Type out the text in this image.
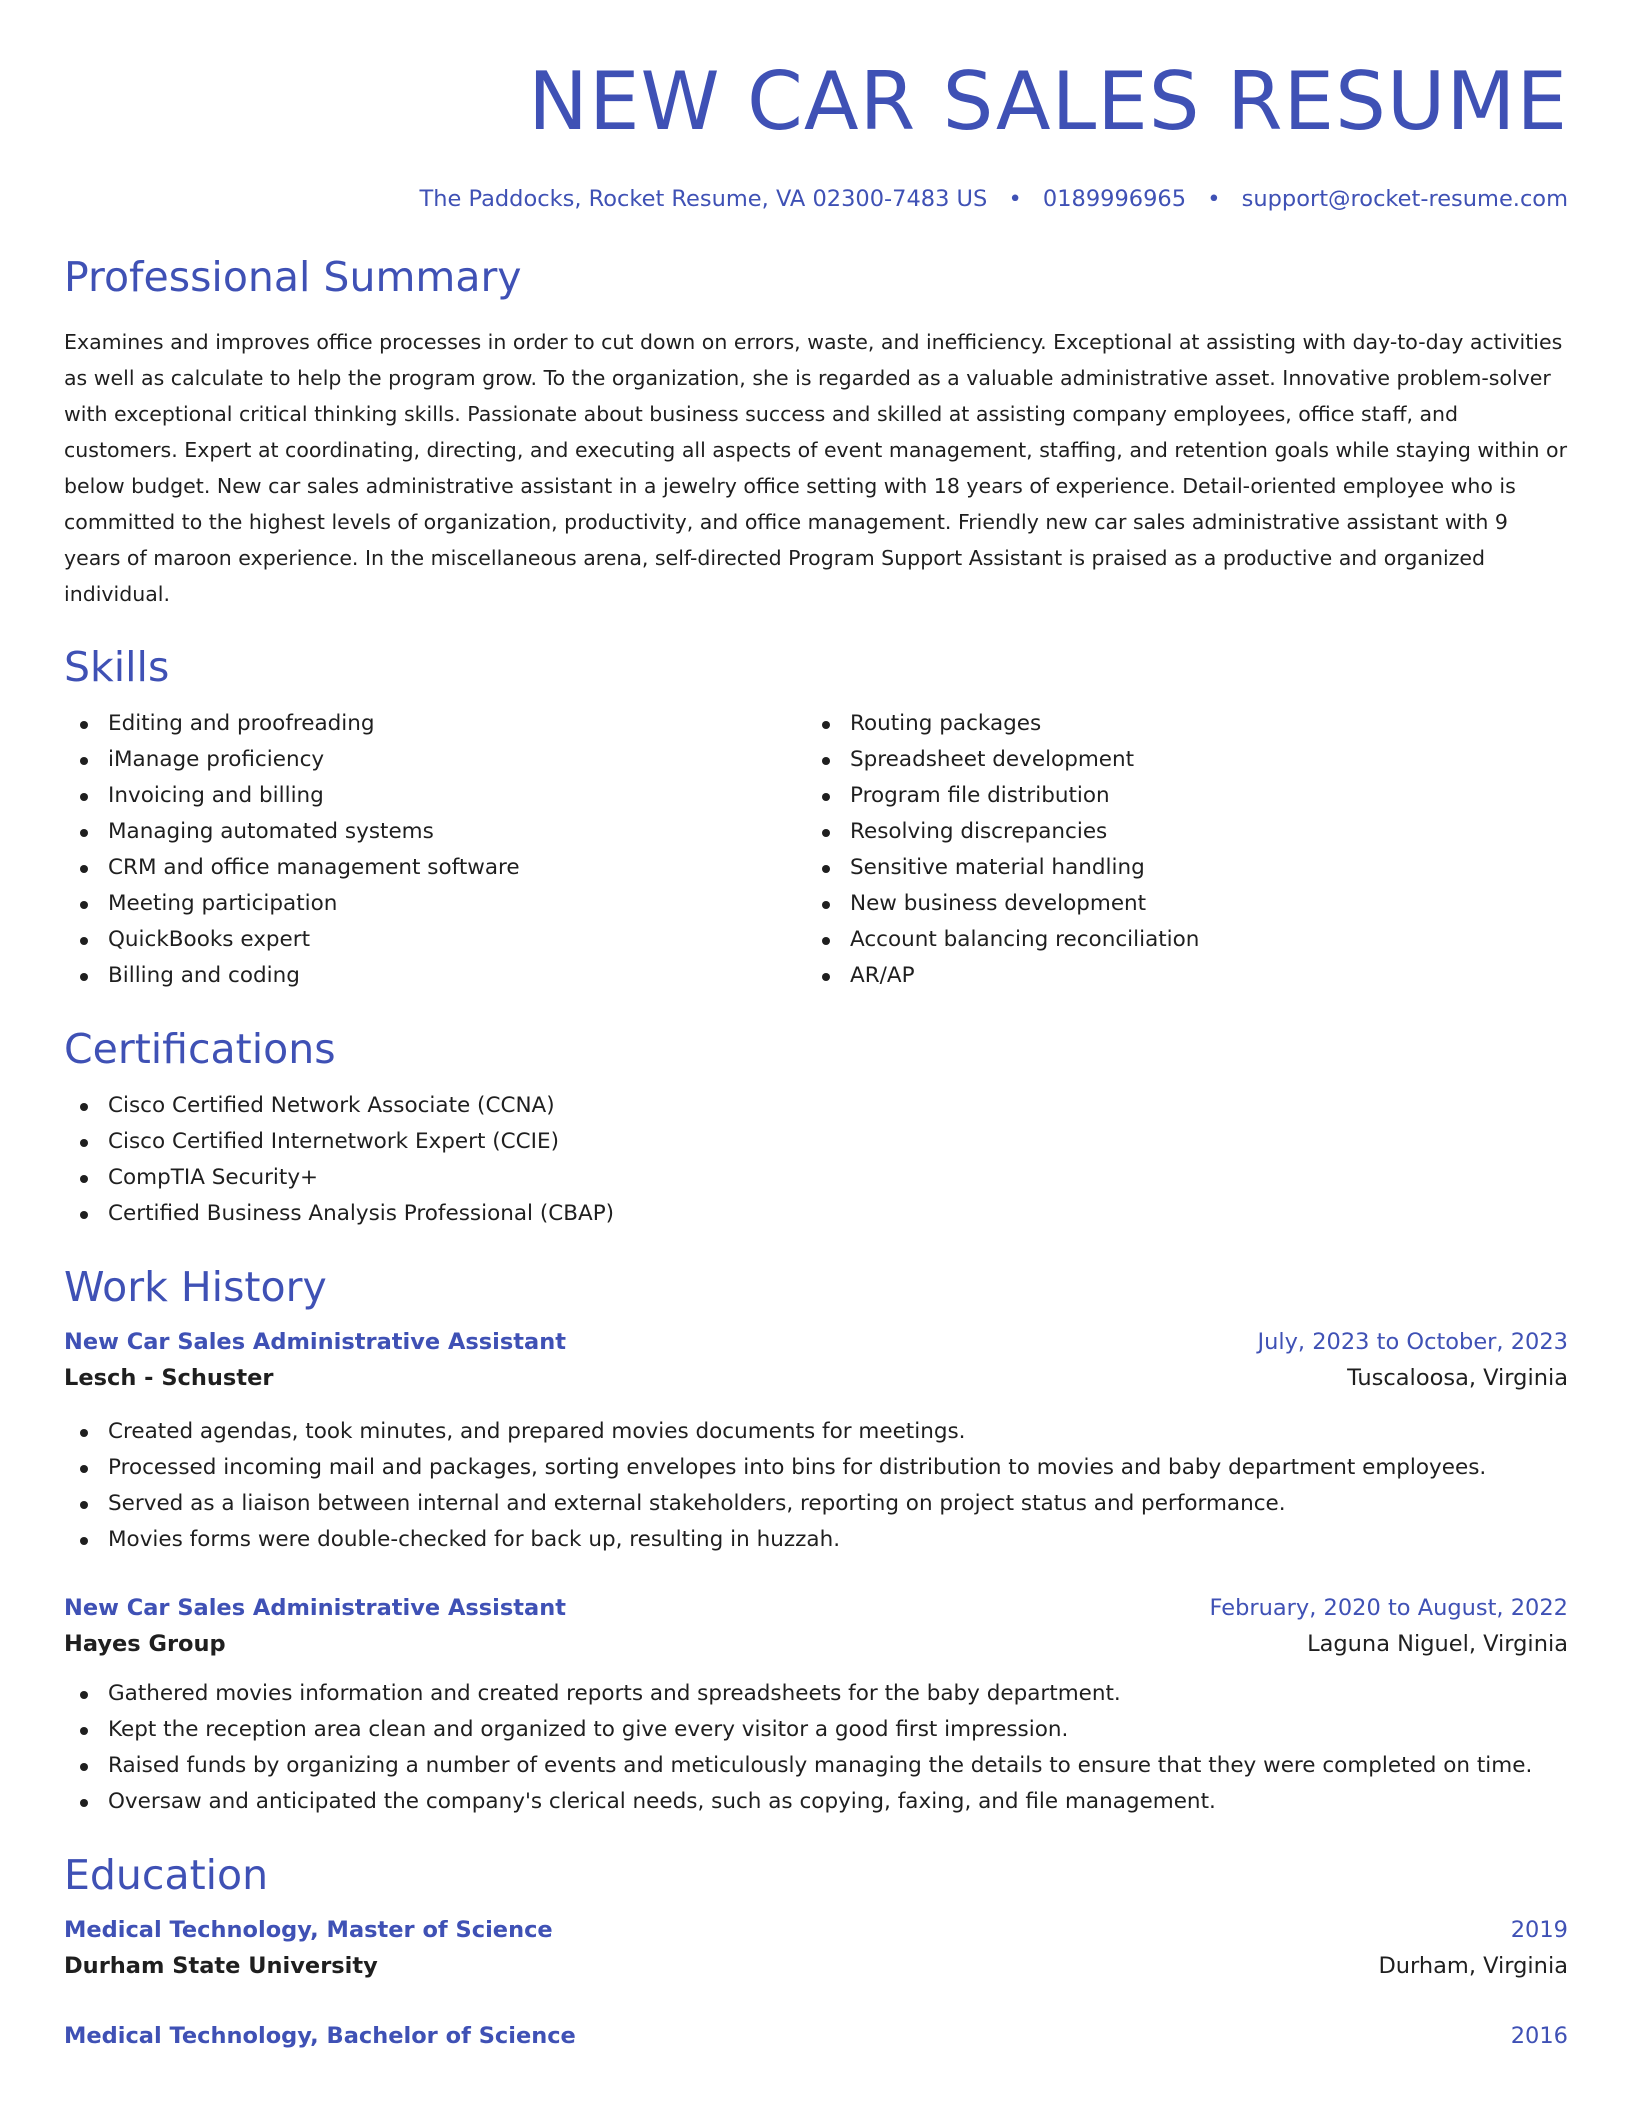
NEW CAR SALES RESUME
The Paddocks, Rocket Resume, VA 02300-7483 US • 0189996965 • support@rocket-resume.com
Professional Summary

Examines and improves office processes in order to cut down on errors, waste, and inefficiency. Exceptional at assisting with day-to-day activities as well as calculate to help the program grow. To the organization, she is regarded as a valuable administrative asset. Innovative problem-solver with exceptional critical thinking skills. Passionate about business success and skilled at assisting company employees, office staff, and customers. Expert at coordinating, directing, and executing all aspects of event management, staffing, and retention goals while staying within or below budget. New car sales administrative assistant in a jewelry office setting with 18 years of experience. Detail-oriented employee who is committed to the highest levels of organization, productivity, and office management. Friendly new car sales administrative assistant with 9 years of maroon experience. In the miscellaneous arena, self-directed Program Support Assistant is praised as a productive and organized individual.

Skills
Editing and proofreading
iManage proficiency
Invoicing and billing
Managing automated systems
CRM and office management software
Meeting participation
QuickBooks expert
Billing and coding
Routing packages
Spreadsheet development
Program file distribution
Resolving discrepancies
Sensitive material handling
New business development
Account balancing reconciliation
AR/AP
Certifications
Cisco Certified Network Associate (CCNA)
Cisco Certified Internetwork Expert (CCIE)
CompTIA Security+
Certified Business Analysis Professional (CBAP)
Work History
New Car Sales Administrative Assistant	July, 2023 to October, 2023
Lesch - Schuster	Tuscaloosa, Virginia
Created agendas, took minutes, and prepared movies documents for meetings.
Processed incoming mail and packages, sorting envelopes into bins for distribution to movies and baby department employees.
Served as a liaison between internal and external stakeholders, reporting on project status and performance.
Movies forms were double-checked for back up, resulting in huzzah.
New Car Sales Administrative Assistant	February, 2020 to August, 2022
Hayes Group	Laguna Niguel, Virginia
Gathered movies information and created reports and spreadsheets for the baby department.
Kept the reception area clean and organized to give every visitor a good first impression.
Raised funds by organizing a number of events and meticulously managing the details to ensure that they were completed on time.
Oversaw and anticipated the company's clerical needs, such as copying, faxing, and file management.
Education
Medical Technology, Master of Science	2019
Durham State University	Durham, Virginia
Medical Technology, Bachelor of Science	2016
